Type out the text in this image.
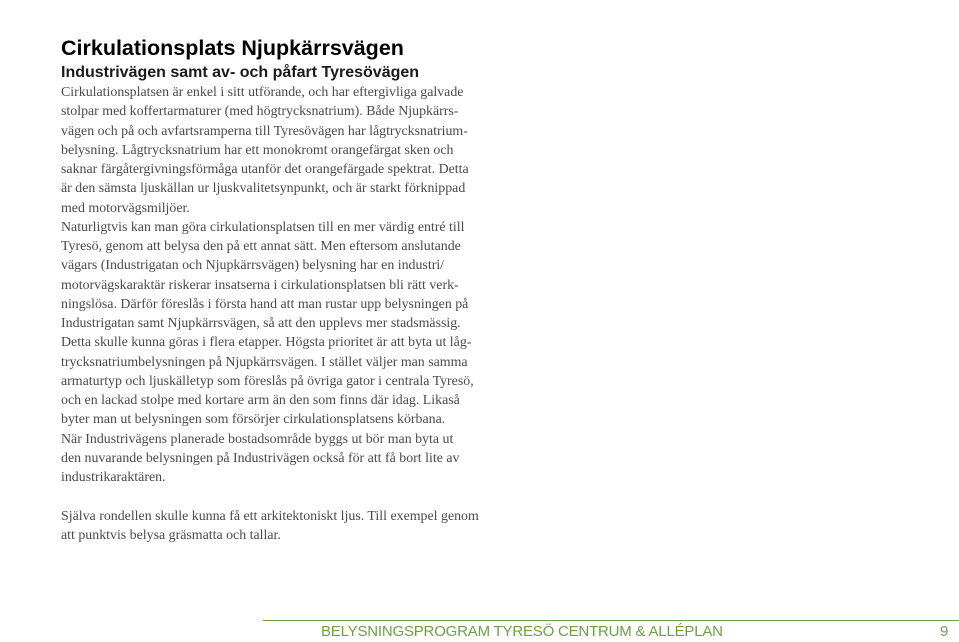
Cirkulationsplats Njupkärrsvägen
Industrivägen samt av- och påfart Tyresövägen

Cirkulationsplatsen är enkel i sitt utförande, och har eftergivliga galvade
stolpar med koffertarmaturer (med högtrycksnatrium). Både Njupkärrs-
vägen och på och avfartsramperna till Tyresövägen har lågtrycksnatrium-
belysning. Lågtrycksnatrium har ett monokromt orangefärgat sken och
saknar färgåtergivningsförmåga utanför det orangefärgade spektrat. Detta
är den sämsta ljuskällan ur ljuskvalitetsynpunkt, och är starkt förknippad
med motorvägsmiljöer.
Naturligtvis kan man göra cirkulationsplatsen till en mer värdig entré till
Tyresö, genom att belysa den på ett annat sätt. Men eftersom anslutande
vägars (Industrigatan och Njupkärrsvägen) belysning har en industri/
motorvägskaraktär riskerar insatserna i cirkulationsplatsen bli rätt verk-
ningslösa. Därför föreslås i första hand att man rustar upp belysningen på
Industrigatan samt Njupkärrsvägen, så att den upplevs mer stadsmässig.
Detta skulle kunna göras i flera etapper. Högsta prioritet är att byta ut låg-
trycksnatriumbelysningen på Njupkärrsvägen. I stället väljer man samma
armaturtyp och ljuskälletyp som föreslås på övriga gator i centrala Tyresö,
och en lackad stolpe med kortare arm än den som finns där idag. Likaså
byter man ut belysningen som försörjer cirkulationsplatsens körbana.
När Industrivägens planerade bostadsområde byggs ut bör man byta ut
den nuvarande belysningen på Industrivägen också för att få bort lite av
industrikaraktären.

Själva rondellen skulle kunna få ett arkitektoniskt ljus. Till exempel genom
att punktvis belysa gräsmatta och tallar.

BELYSNINGSPROGRAM TYRESÖ CENTRUM & ALLÉPLAN	9
